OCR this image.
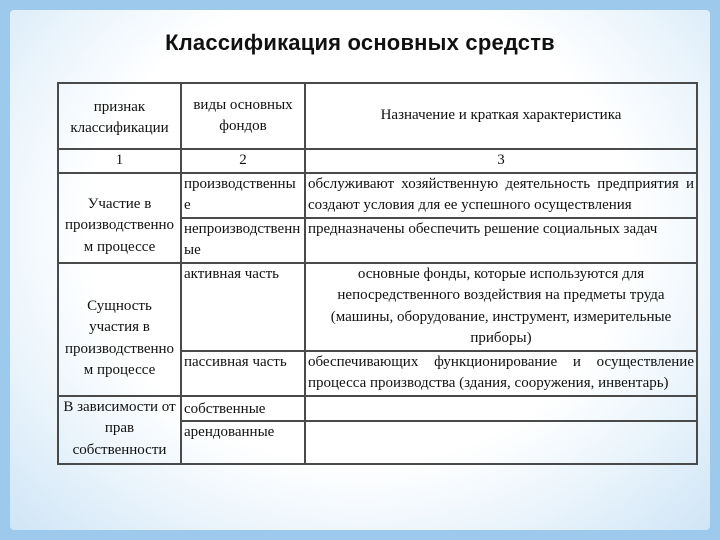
Классификация основных средств
признак классификации	виды основных фондов	Назначение и краткая характеристика
1	2	3
Участие в производственном процессе	производственные	обслуживают хозяйственную деятельность предприятия и создают условия для ее успешного осуществления
	непроизводственные	предназначены обеспечить решение социальных задач
Сущность участия в производственном процессе	активная часть	основные фонды, которые используются для непосредственного воздействия на предметы труда (машины, оборудование, инструмент, измерительные приборы)
	пассивная часть	обеспечивающих функционирование и осуществление процесса производства (здания, сооружения, инвентарь)
В зависимости от прав собственности	собственные	
	арендованные	
